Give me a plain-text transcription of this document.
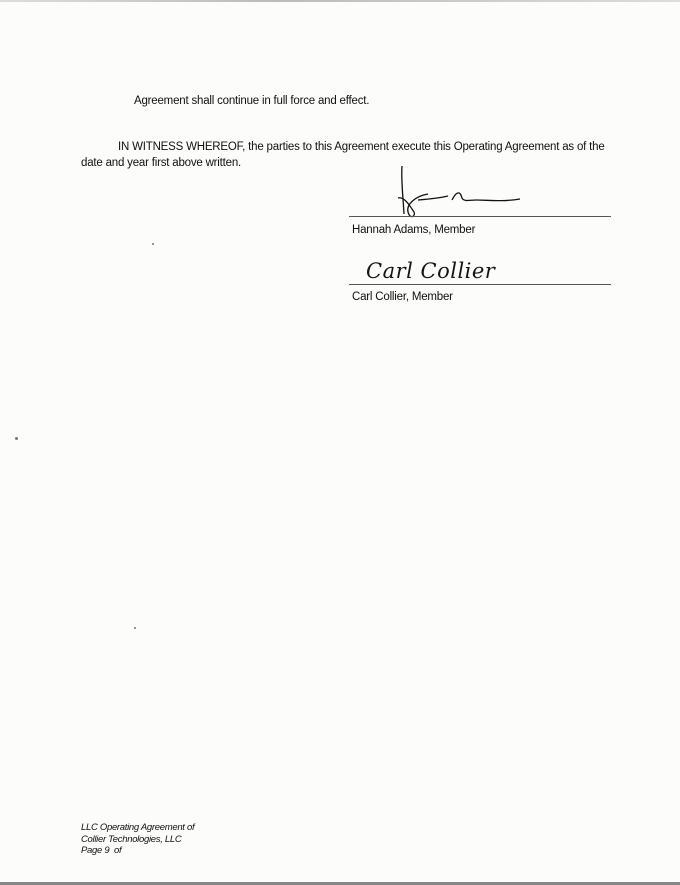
Agreement shall continue in full force and effect.
IN WITNESS WHEREOF, the parties to this Agreement execute this Operating Agreement as of the date and year first above written.
Hannah Adams, Member
Carl Collier
Carl Collier, Member
LLC Operating Agreement of
Collier Technologies, LLC
Page 9  of
